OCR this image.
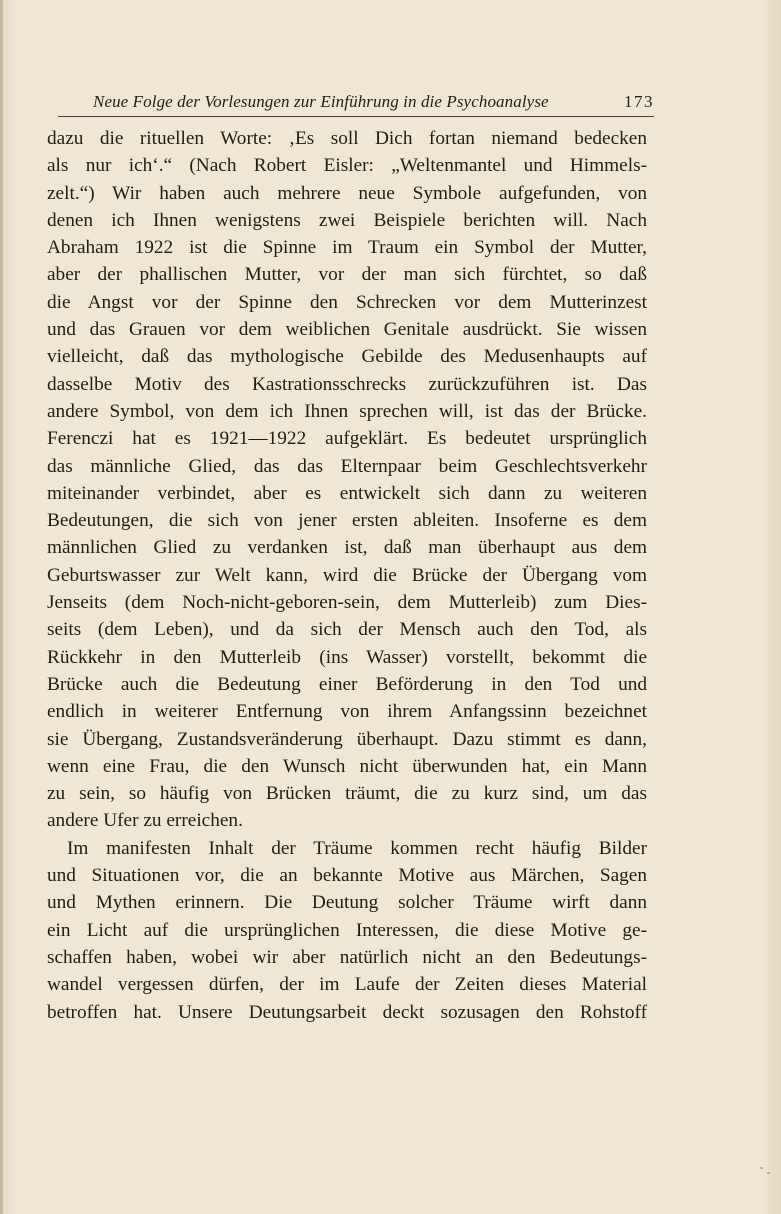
Neue Folge der Vorlesungen zur Einführung in die Psychoanalyse	173
dazu die rituellen Worte: ‚Es soll Dich fortan niemand bedecken
als nur ich‘.“ (Nach Robert Eisler: „Weltenmantel und Himmels-
zelt.“) Wir haben auch mehrere neue Symbole aufgefunden, von
denen ich Ihnen wenigstens zwei Beispiele berichten will. Nach
Abraham 1922 ist die Spinne im Traum ein Symbol der Mutter,
aber der phallischen Mutter, vor der man sich fürchtet, so daß
die Angst vor der Spinne den Schrecken vor dem Mutterinzest
und das Grauen vor dem weiblichen Genitale ausdrückt. Sie wissen
vielleicht, daß das mythologische Gebilde des Medusenhaupts auf
dasselbe Motiv des Kastrationsschrecks zurückzuführen ist. Das
andere Symbol, von dem ich Ihnen sprechen will, ist das der Brücke.
Ferenczi hat es 1921—1922 aufgeklärt. Es bedeutet ursprünglich
das männliche Glied, das das Elternpaar beim Geschlechtsverkehr
miteinander verbindet, aber es entwickelt sich dann zu weiteren
Bedeutungen, die sich von jener ersten ableiten. Insoferne es dem
männlichen Glied zu verdanken ist, daß man überhaupt aus dem
Geburtswasser zur Welt kann, wird die Brücke der Übergang vom
Jenseits (dem Noch-nicht-geboren-sein, dem Mutterleib) zum Dies-
seits (dem Leben), und da sich der Mensch auch den Tod, als
Rückkehr in den Mutterleib (ins Wasser) vorstellt, bekommt die
Brücke auch die Bedeutung einer Beförderung in den Tod und
endlich in weiterer Entfernung von ihrem Anfangssinn bezeichnet
sie Übergang, Zustandsveränderung überhaupt. Dazu stimmt es dann,
wenn eine Frau, die den Wunsch nicht überwunden hat, ein Mann
zu sein, so häufig von Brücken träumt, die zu kurz sind, um das
andere Ufer zu erreichen.
Im manifesten Inhalt der Träume kommen recht häufig Bilder
und Situationen vor, die an bekannte Motive aus Märchen, Sagen
und Mythen erinnern. Die Deutung solcher Träume wirft dann
ein Licht auf die ursprünglichen Interessen, die diese Motive ge-
schaffen haben, wobei wir aber natürlich nicht an den Bedeutungs-
wandel vergessen dürfen, der im Laufe der Zeiten dieses Material
betroffen hat. Unsere Deutungsarbeit deckt sozusagen den Rohstoff
